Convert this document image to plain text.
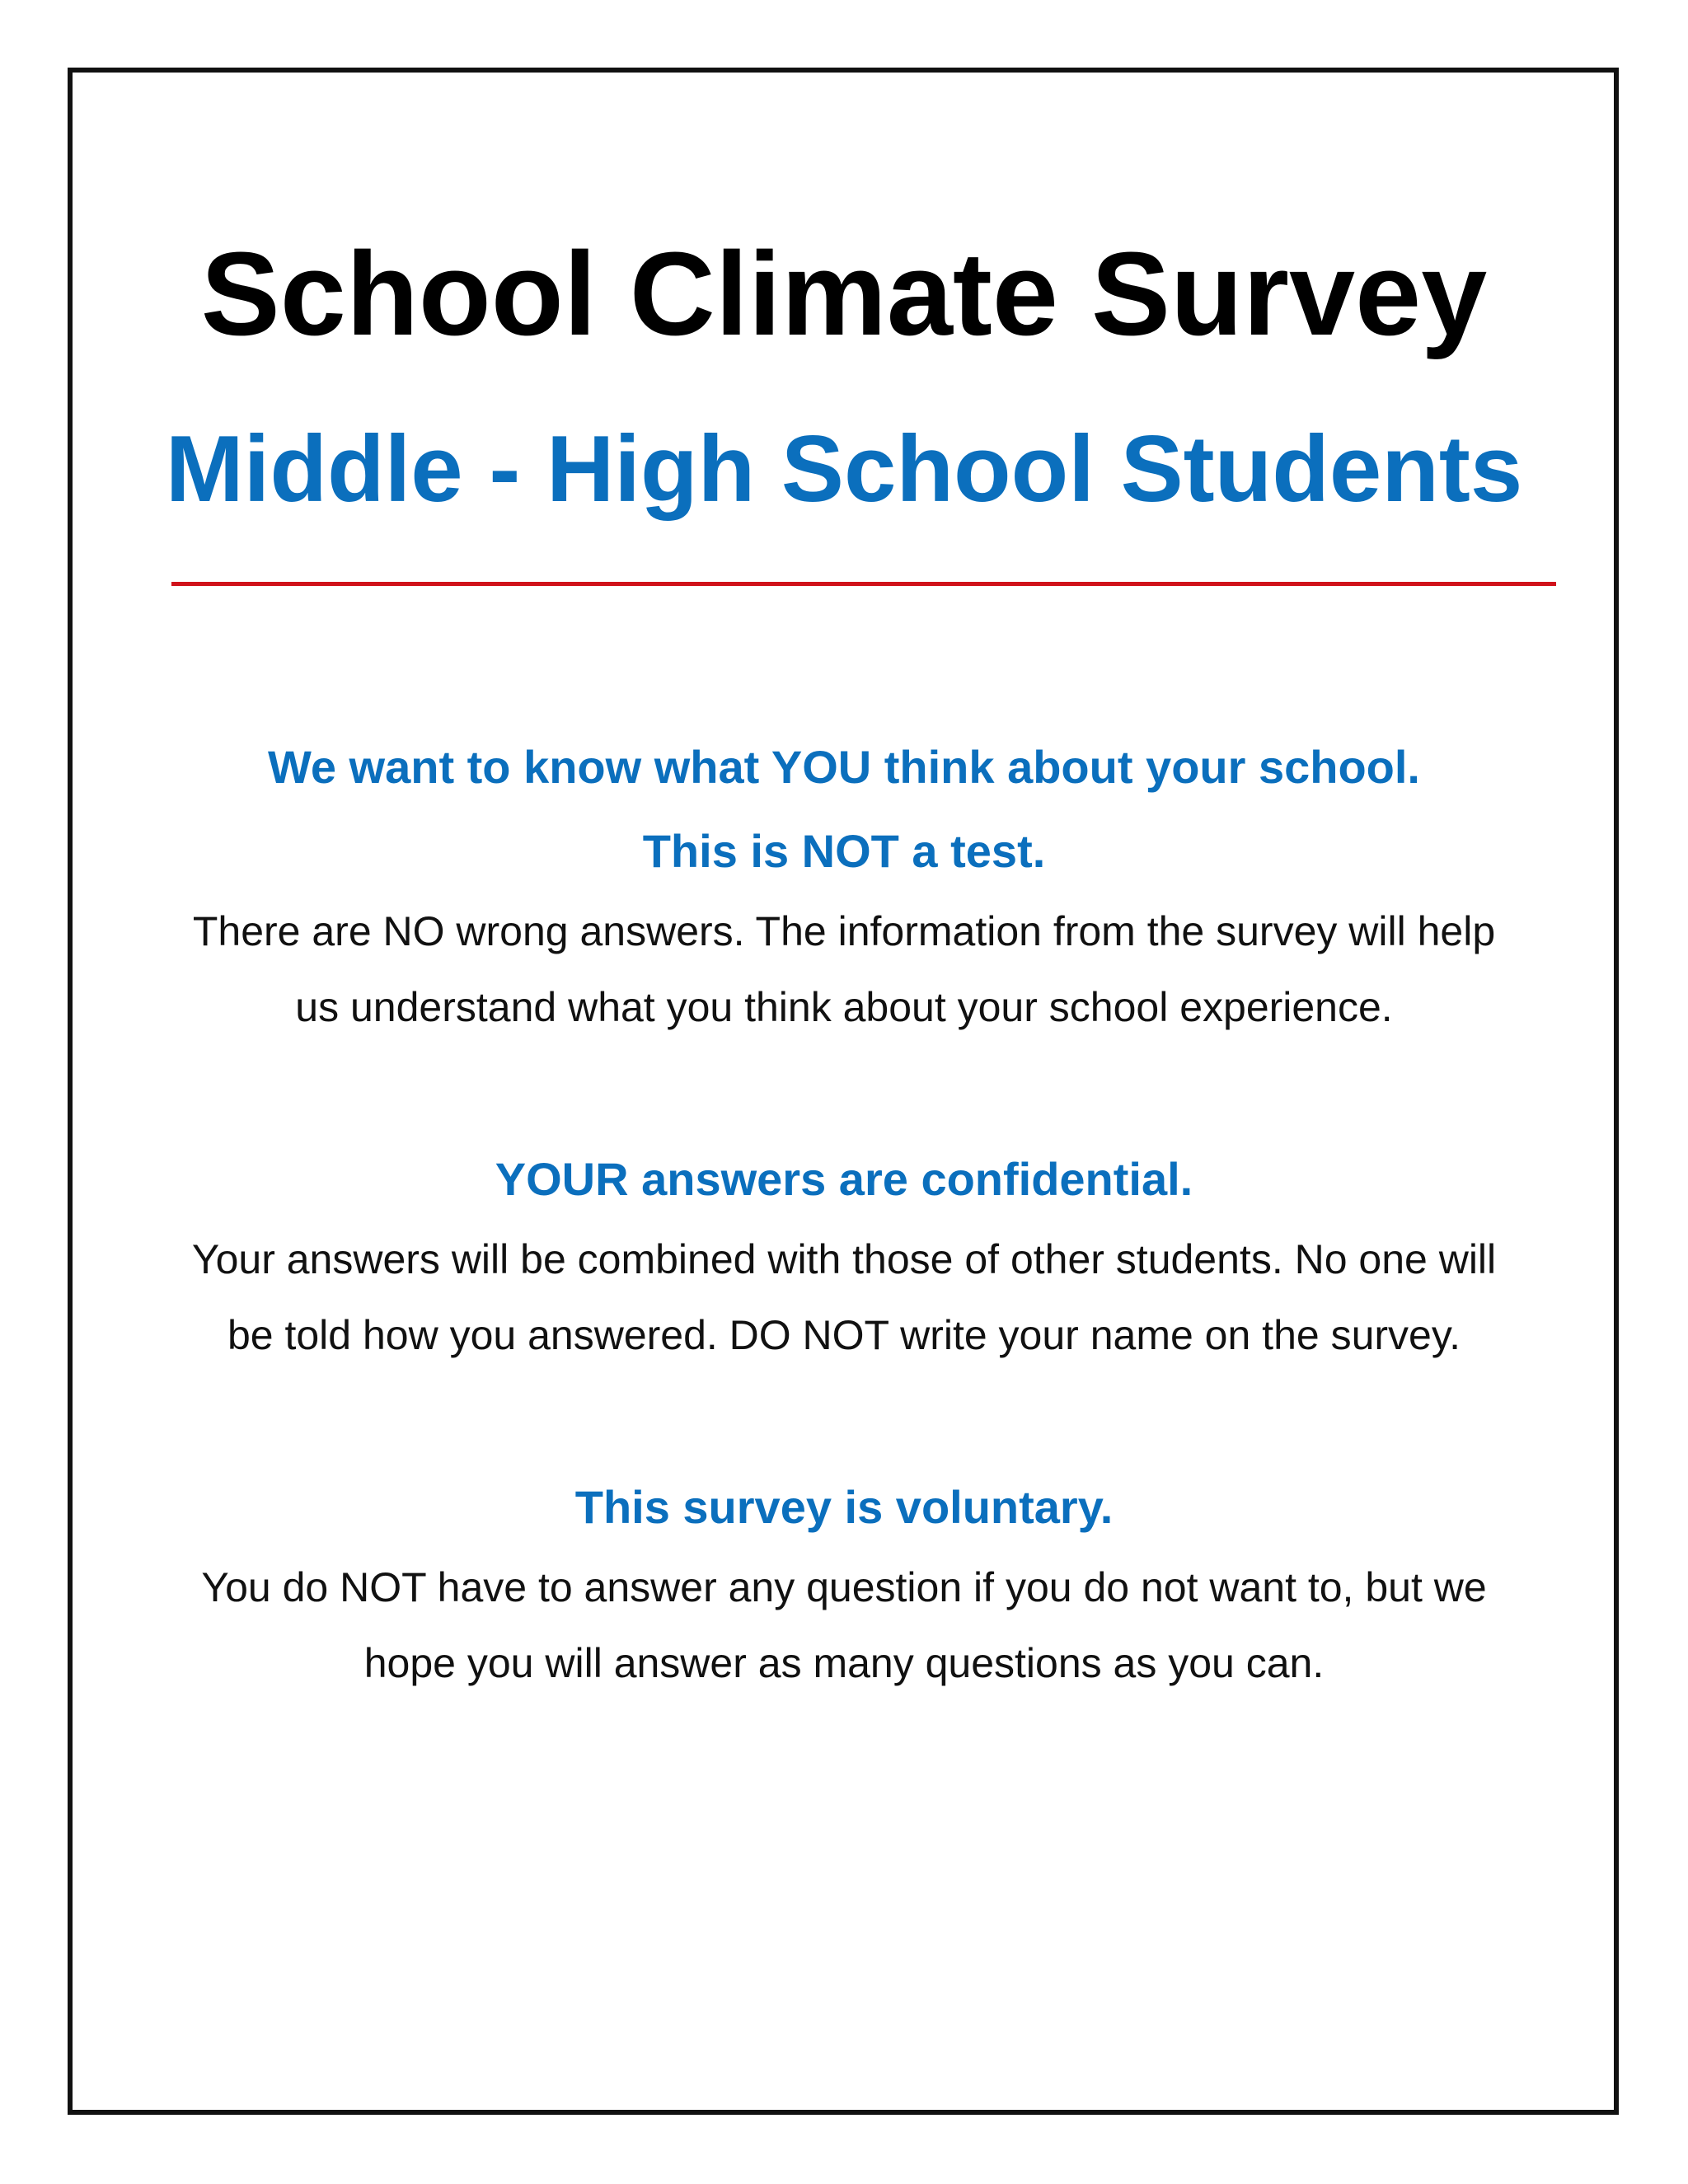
School Climate Survey
Middle - High School Students

We want to know what YOU think about your school.

This is NOT a test.

There are NO wrong answers. The information from the survey will help

us understand what you think about your school experience.

YOUR answers are confidential.

Your answers will be combined with those of other students. No one will

be told how you answered. DO NOT write your name on the survey.

This survey is voluntary.

You do NOT have to answer any question if you do not want to, but we

hope you will answer as many questions as you can.
